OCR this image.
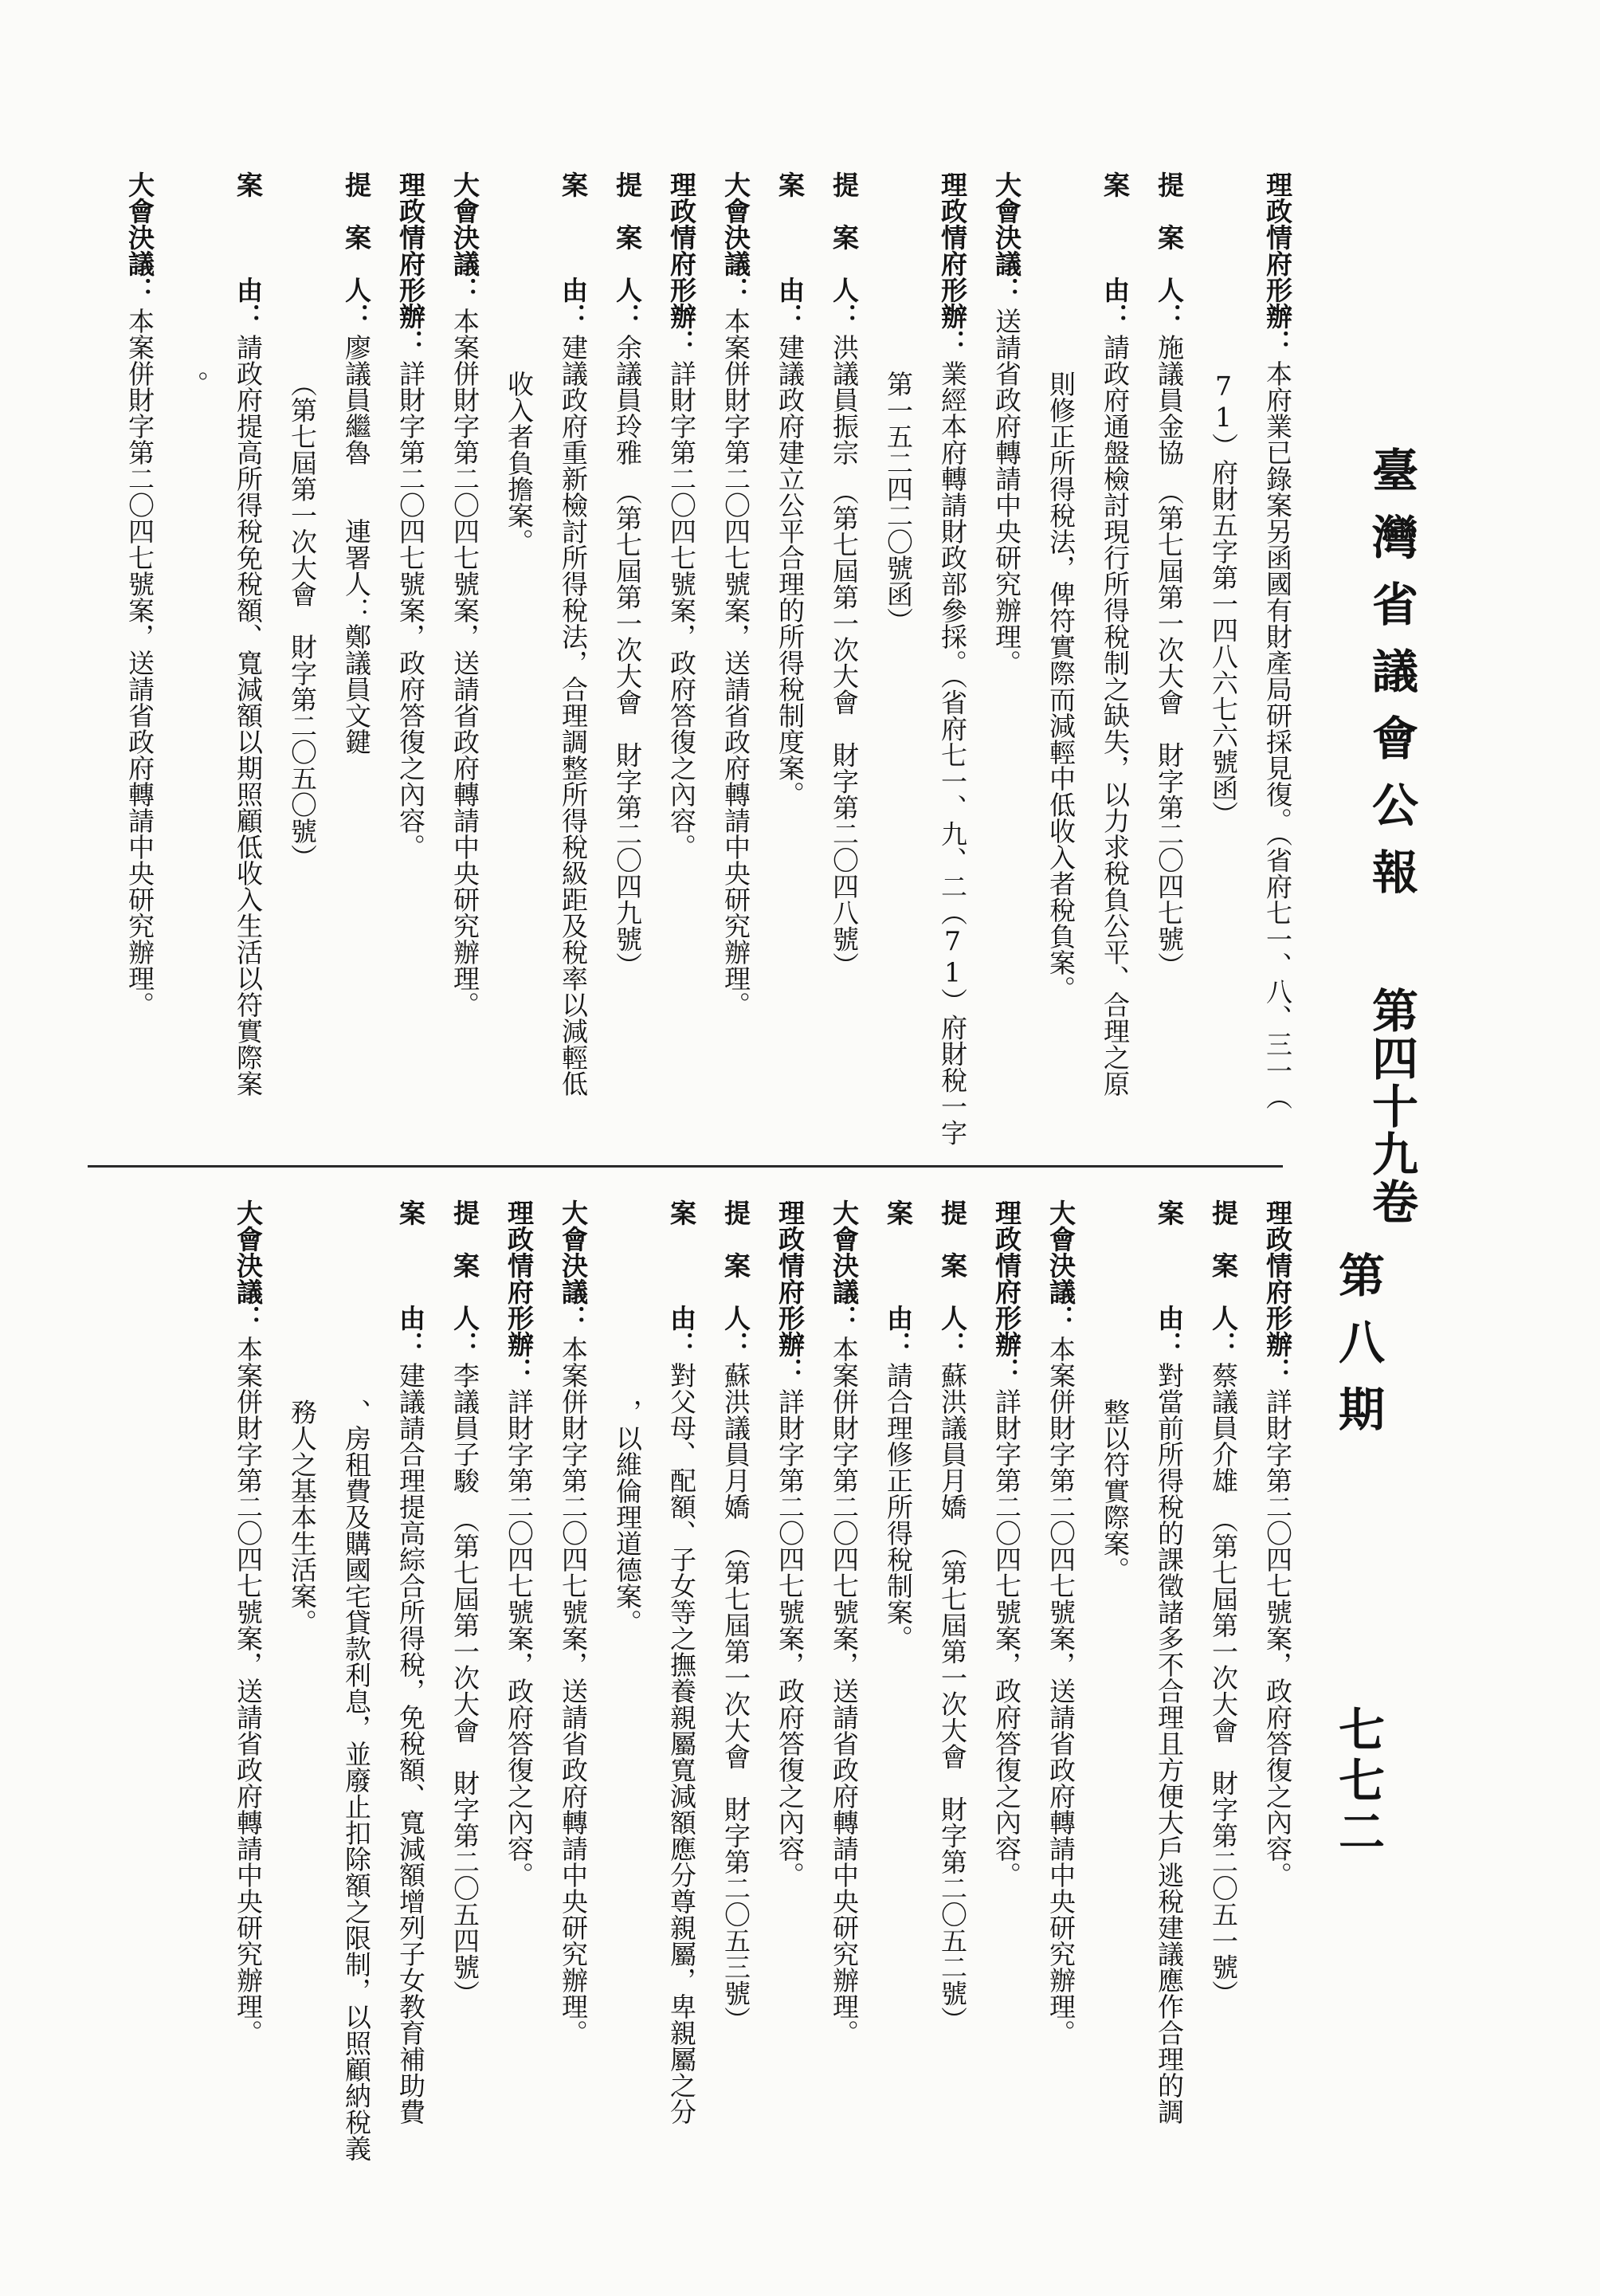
臺灣省議會公報
第四十九卷
第八期
七七二
理政情府形辦：
本府業已錄案另函國有財產局研採見復。（省府七一、八、三一（
71）府財五字第一四八六七六號函）
提　案　人：
施議員金協　（第七屆第一次大會　財字第二〇四七號）
案　　　由：
請政府通盤檢討現行所得稅制之缺失，以力求稅負公平、合理之原
則修正所得稅法，俾符實際而減輕中低收入者稅負案。
大會決議：
送請省政府轉請中央研究辦理。
理政情府形辦：
業經本府轉請財政部參採。（省府七一、九、二（71）府財稅一字
第一五二四二〇號函）
提　案　人：
洪議員振宗　（第七屆第一次大會　財字第二〇四八號）
案　　　由：
建議政府建立公平合理的所得稅制度案。
大會決議：
本案併財字第二〇四七號案，送請省政府轉請中央研究辦理。
理政情府形辦：
詳財字第二〇四七號案，政府答復之內容。
提　案　人：
余議員玲雅　（第七屆第一次大會　財字第二〇四九號）
案　　　由：
建議政府重新檢討所得稅法，合理調整所得稅級距及稅率以減輕低
收入者負擔案。
大會決議：
本案併財字第二〇四七號案，送請省政府轉請中央研究辦理。
理政情府形辦：
詳財字第二〇四七號案，政府答復之內容。
提　案　人：
廖議員繼魯　　連署人：鄭議員文鍵
（第七屆第一次大會　財字第二〇五〇號）
案　　　由：
請政府提高所得稅免稅額、寬減額以期照顧低收入生活以符實際案
。
大會決議：
本案併財字第二〇四七號案，送請省政府轉請中央研究辦理。
理政情府形辦：
詳財字第二〇四七號案，政府答復之內容。
提　案　人：
蔡議員介雄　（第七屆第一次大會　財字第二〇五一號）
案　　　由：
對當前所得稅的課徵諸多不合理且方便大戶逃稅建議應作合理的調
整以符實際案。
大會決議：
本案併財字第二〇四七號案，送請省政府轉請中央研究辦理。
理政情府形辦：
詳財字第二〇四七號案，政府答復之內容。
提　案　人：
蘇洪議員月嬌　（第七屆第一次大會　財字第二〇五二號）
案　　　由：
請合理修正所得稅制案。
大會決議：
本案併財字第二〇四七號案，送請省政府轉請中央研究辦理。
理政情府形辦：
詳財字第二〇四七號案，政府答復之內容。
提　案　人：
蘇洪議員月嬌　（第七屆第一次大會　財字第二〇五三號）
案　　　由：
對父母、配額、子女等之撫養親屬寬減額應分尊親屬，卑親屬之分
，以維倫理道德案。
大會決議：
本案併財字第二〇四七號案，送請省政府轉請中央研究辦理。
理政情府形辦：
詳財字第二〇四七號案，政府答復之內容。
提　案　人：
李議員子駿　（第七屆第一次大會　財字第二〇五四號）
案　　　由：
建議請合理提高綜合所得稅，免稅額、寬減額增列子女教育補助費
、房租費及購國宅貸款利息，並廢止扣除額之限制，以照顧納稅義
務人之基本生活案。
大會決議：
本案併財字第二〇四七號案，送請省政府轉請中央研究辦理。
